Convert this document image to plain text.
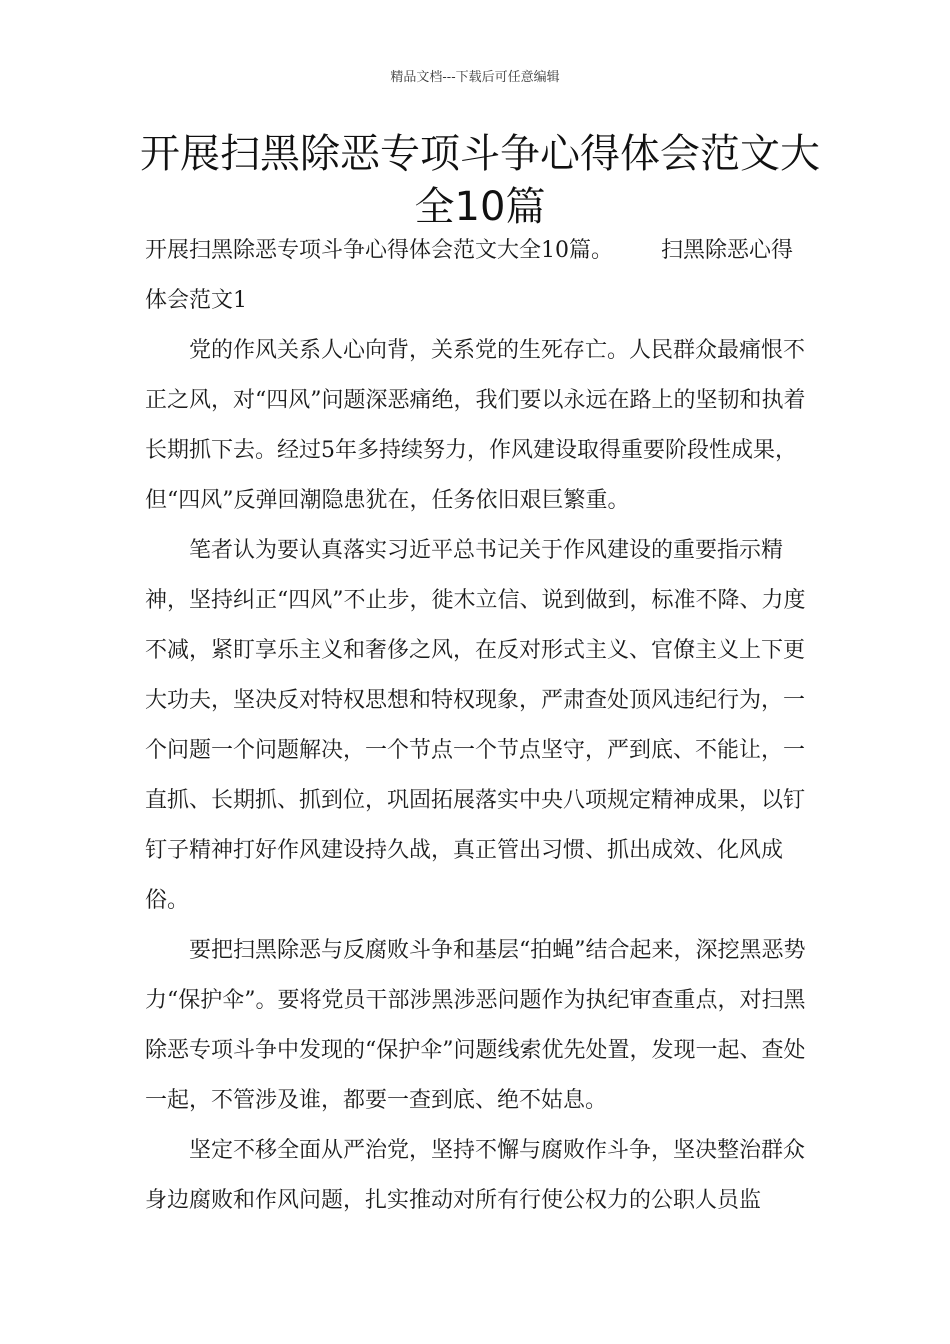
精品文档---下载后可任意编辑
开展扫黑除恶专项斗争心得体会范文大
全10篇

开展扫黑除恶专项斗争心得体会范文大全10篇。 扫黑除恶心得体会范文1

党的作风关系人心向背，关系党的生死存亡。人民群众最痛恨不正之风，对“四风”问题深恶痛绝，我们要以永远在路上的坚韧和执着长期抓下去。经过5年多持续努力，作风建设取得重要阶段性成果，但“四风”反弹回潮隐患犹在，任务依旧艰巨繁重。

笔者认为要认真落实习近平总书记关于作风建设的重要指示精神，坚持纠正“四风”不止步，徙木立信、说到做到，标准不降、力度不减，紧盯享乐主义和奢侈之风，在反对形式主义、官僚主义上下更大功夫，坚决反对特权思想和特权现象，严肃查处顶风违纪行为，一个问题一个问题解决，一个节点一个节点坚守，严到底、不能让，一直抓、长期抓、抓到位，巩固拓展落实中央八项规定精神成果，以钉钉子精神打好作风建设持久战，真正管出习惯、抓出成效、化风成俗。

要把扫黑除恶与反腐败斗争和基层“拍蝇”结合起来，深挖黑恶势力“保护伞”。要将党员干部涉黑涉恶问题作为执纪审查重点，对扫黑除恶专项斗争中发现的“保护伞”问题线索优先处置，发现一起、查处一起，不管涉及谁，都要一查到底、绝不姑息。

坚定不移全面从严治党，坚持不懈与腐败作斗争，坚决整治群众身边腐败和作风问题，扎实推动对所有行使公权力的公职人员监
